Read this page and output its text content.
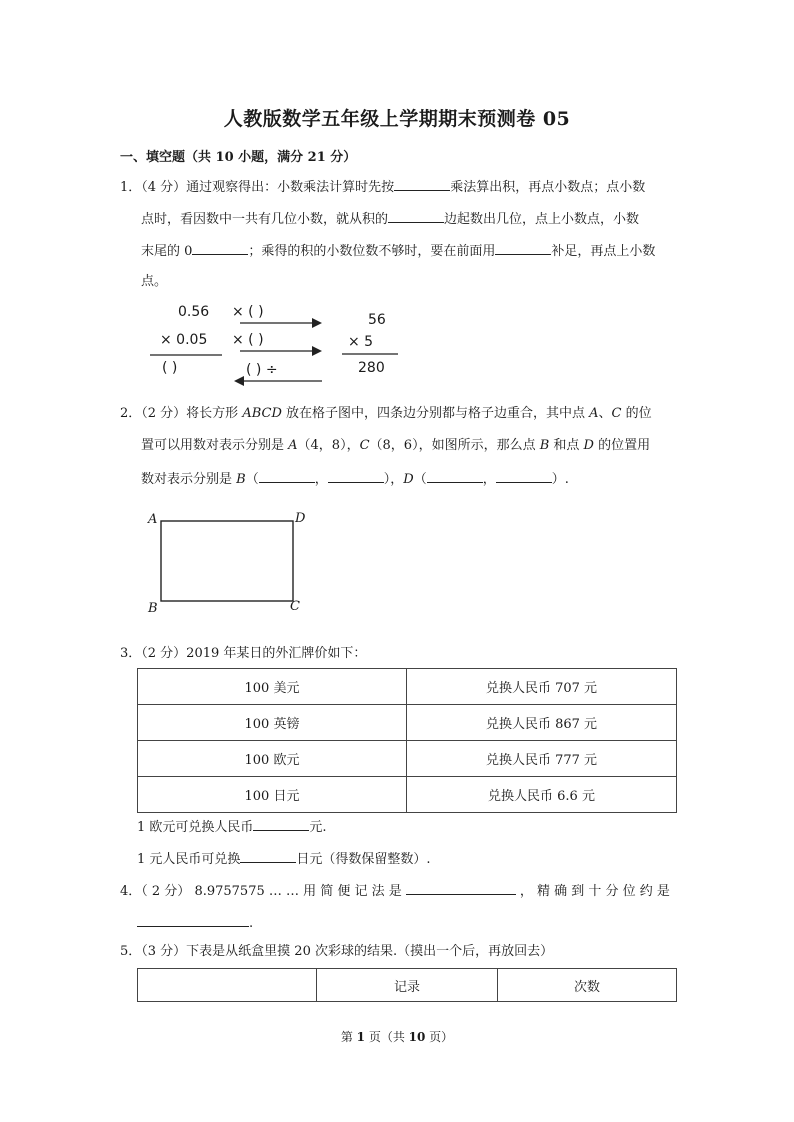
人教版数学五年级上学期期末预测卷 05
一、填空题（共 10 小题，满分 21 分）
1．（4 分）通过观察得出：小数乘法计算时先按	乘法算出积，再点小数点；点小数
点时，看因数中一共有几位小数，就从积的	边起数出几位，点上小数点，小数
末尾的 0	；乘得的积的小数位数不够时，要在前面用	补足，再点上小数
点。
0.56
× 0.05
( )
× ( )
× ( )
( ) ÷
56
× 5
280
2．（2 分）将长方形 ABCD 放在格子图中，四条边分别都与格子边重合，其中点 A、C 的位
置可以用数对表示分别是 A（4，8），C（8，6），如图所示，那么点 B 和点 D 的位置用
数对表示分别是 B（	，	），D（	，	）.
A	D
B	C
3．（2 分）2019 年某日的外汇牌价如下：
100 美元	兑换人民币 707 元
100 英镑	兑换人民币 867 元
100 欧元	兑换人民币 777 元
100 日元	兑换人民币 6.6 元
1 欧元可兑换人民币	元.
1 元人民币可兑换	日元（得数保留整数）.
4．（ 2 分） 8.9757575 … … 用 简 便 记 法 是	， 精 确 到 十 分 位 约 是
.
5．（3 分）下表是从纸盒里摸 20 次彩球的结果.（摸出一个后，再放回去）
	记录	次数
第 1 页（共 10 页）
